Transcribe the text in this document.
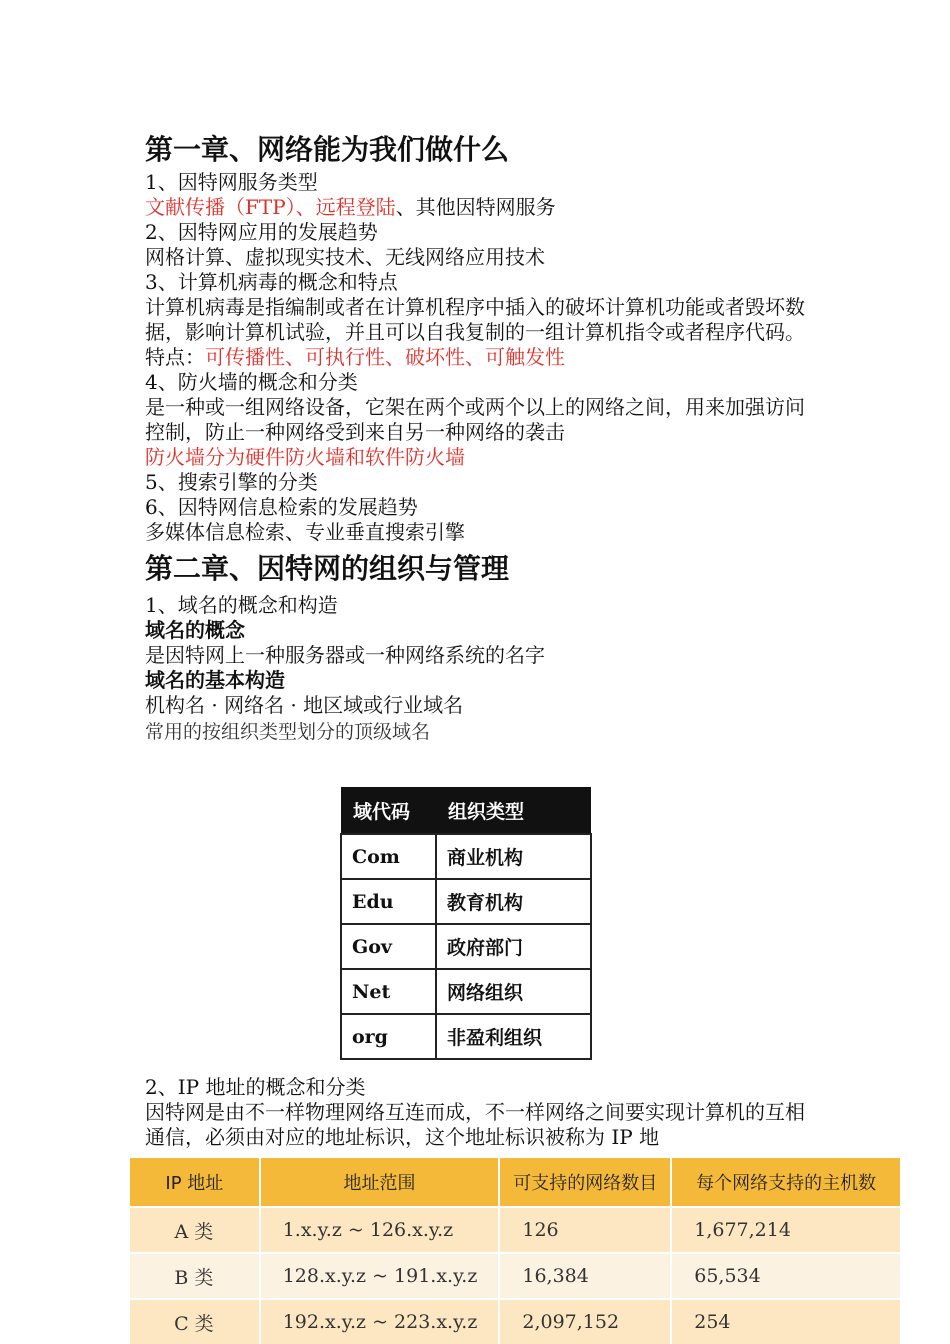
第一章、网络能为我们做什么
1、因特网服务类型
文献传播（FTP）、远程登陆、其他因特网服务
2、因特网应用的发展趋势
网格计算、虚拟现实技术、无线网络应用技术
3、计算机病毒的概念和特点
计算机病毒是指编制或者在计算机程序中插入的破坏计算机功能或者毁坏数据，影响计算机试验，并且可以自我复制的一组计算机指令或者程序代码。
特点：可传播性、可执行性、破坏性、可触发性
4、防火墙的概念和分类
是一种或一组网络设备，它架在两个或两个以上的网络之间，用来加强访问控制，防止一种网络受到来自另一种网络的袭击
防火墙分为硬件防火墙和软件防火墙
5、搜索引擎的分类
6、因特网信息检索的发展趋势
多媒体信息检索、专业垂直搜索引擎
第二章、因特网的组织与管理
1、域名的概念和构造
域名的概念
是因特网上一种服务器或一种网络系统的名字
域名的基本构造
机构名 · 网络名 · 地区域或行业域名
常用的按组织类型划分的顶级域名
2、IP 地址的概念和分类
因特网是由不一样物理网络互连而成，不一样网络之间要实现计算机的互相通信，必须由对应的地址标识，这个地址标识被称为 IP 地
域代码	组织类型
Com	商业机构
Edu	教育机构
Gov	政府部门
Net	网络组织
org	非盈利组织
IP 地址	地址范围	可支持的网络数目	每个网络支持的主机数
A 类	1.x.y.z ~ 126.x.y.z	126	1,677,214
B 类	128.x.y.z ~ 191.x.y.z	16,384	65,534
C 类	192.x.y.z ~ 223.x.y.z	2,097,152	254
